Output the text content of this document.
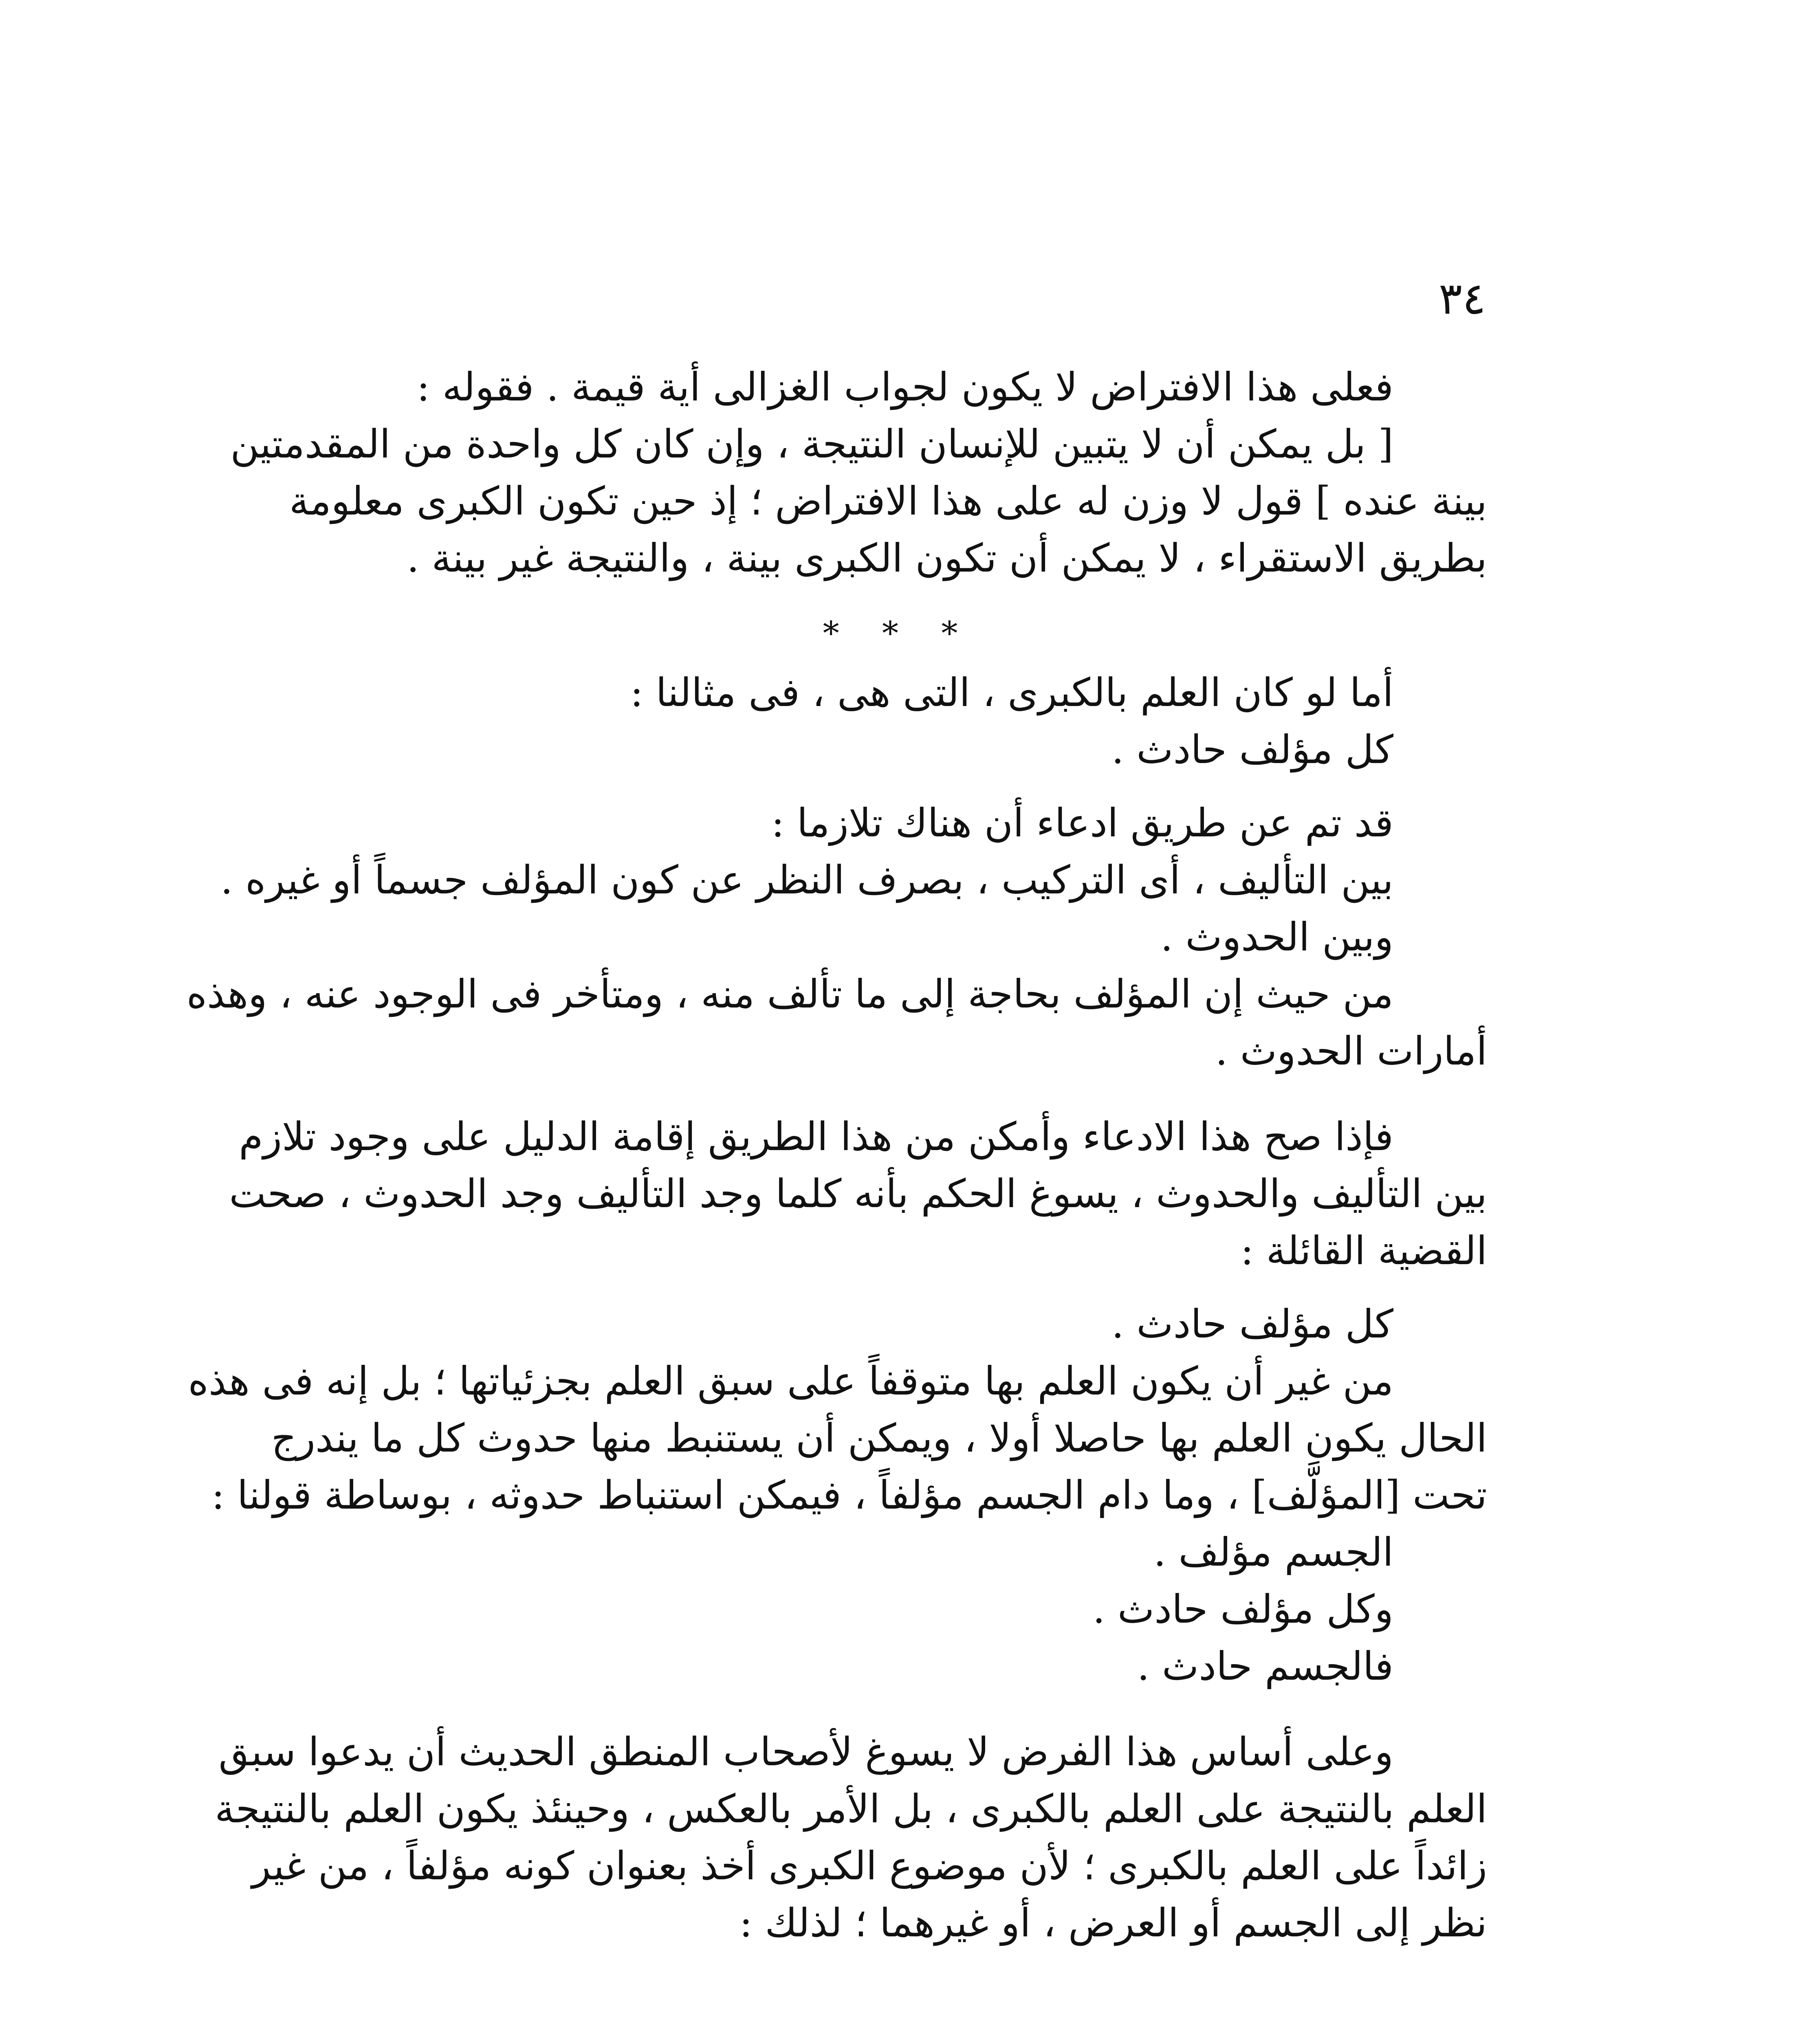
٣٤
فعلى هذا الافتراض لا يكون لجواب الغزالى أية قيمة . فقوله :
[ بل يمكن أن لا يتبين للإنسان النتيجة ، وإن كان كل واحدة من المقدمتين
بينة عنده ] قول لا وزن له على هذا الافتراض ؛ إذ حين تكون الكبرى معلومة
بطريق الاستقراء ، لا يمكن أن تكون الكبرى بينة ، والنتيجة غير بينة .
* * *
أما لو كان العلم بالكبرى ، التى هى ، فى مثالنا :
كل مؤلف حادث .
قد تم عن طريق ادعاء أن هناك تلازما :
بين التأليف ، أى التركيب ، بصرف النظر عن كون المؤلف جسماً أو غيره .
وبين الحدوث .
من حيث إن المؤلف بحاجة إلى ما تألف منه ، ومتأخر فى الوجود عنه ، وهذه
أمارات الحدوث .
فإذا صح هذا الادعاء وأمكن من هذا الطريق إقامة الدليل على وجود تلازم
بين التأليف والحدوث ، يسوغ الحكم بأنه كلما وجد التأليف وجد الحدوث ، صحت
القضية القائلة :
كل مؤلف حادث .
من غير أن يكون العلم بها متوقفاً على سبق العلم بجزئياتها ؛ بل إنه فى هذه
الحال يكون العلم بها حاصلا أولا ، ويمكن أن يستنبط منها حدوث كل ما يندرج
تحت [المؤلَّف] ، وما دام الجسم مؤلفاً ، فيمكن استنباط حدوثه ، بوساطة قولنا :
الجسم مؤلف .
وكل مؤلف حادث .
فالجسم حادث .
وعلى أساس هذا الفرض لا يسوغ لأصحاب المنطق الحديث أن يدعوا سبق
العلم بالنتيجة على العلم بالكبرى ، بل الأمر بالعكس ، وحينئذ يكون العلم بالنتيجة
زائداً على العلم بالكبرى ؛ لأن موضوع الكبرى أخذ بعنوان كونه مؤلفاً ، من غير
نظر إلى الجسم أو العرض ، أو غيرهما ؛ لذلك :
